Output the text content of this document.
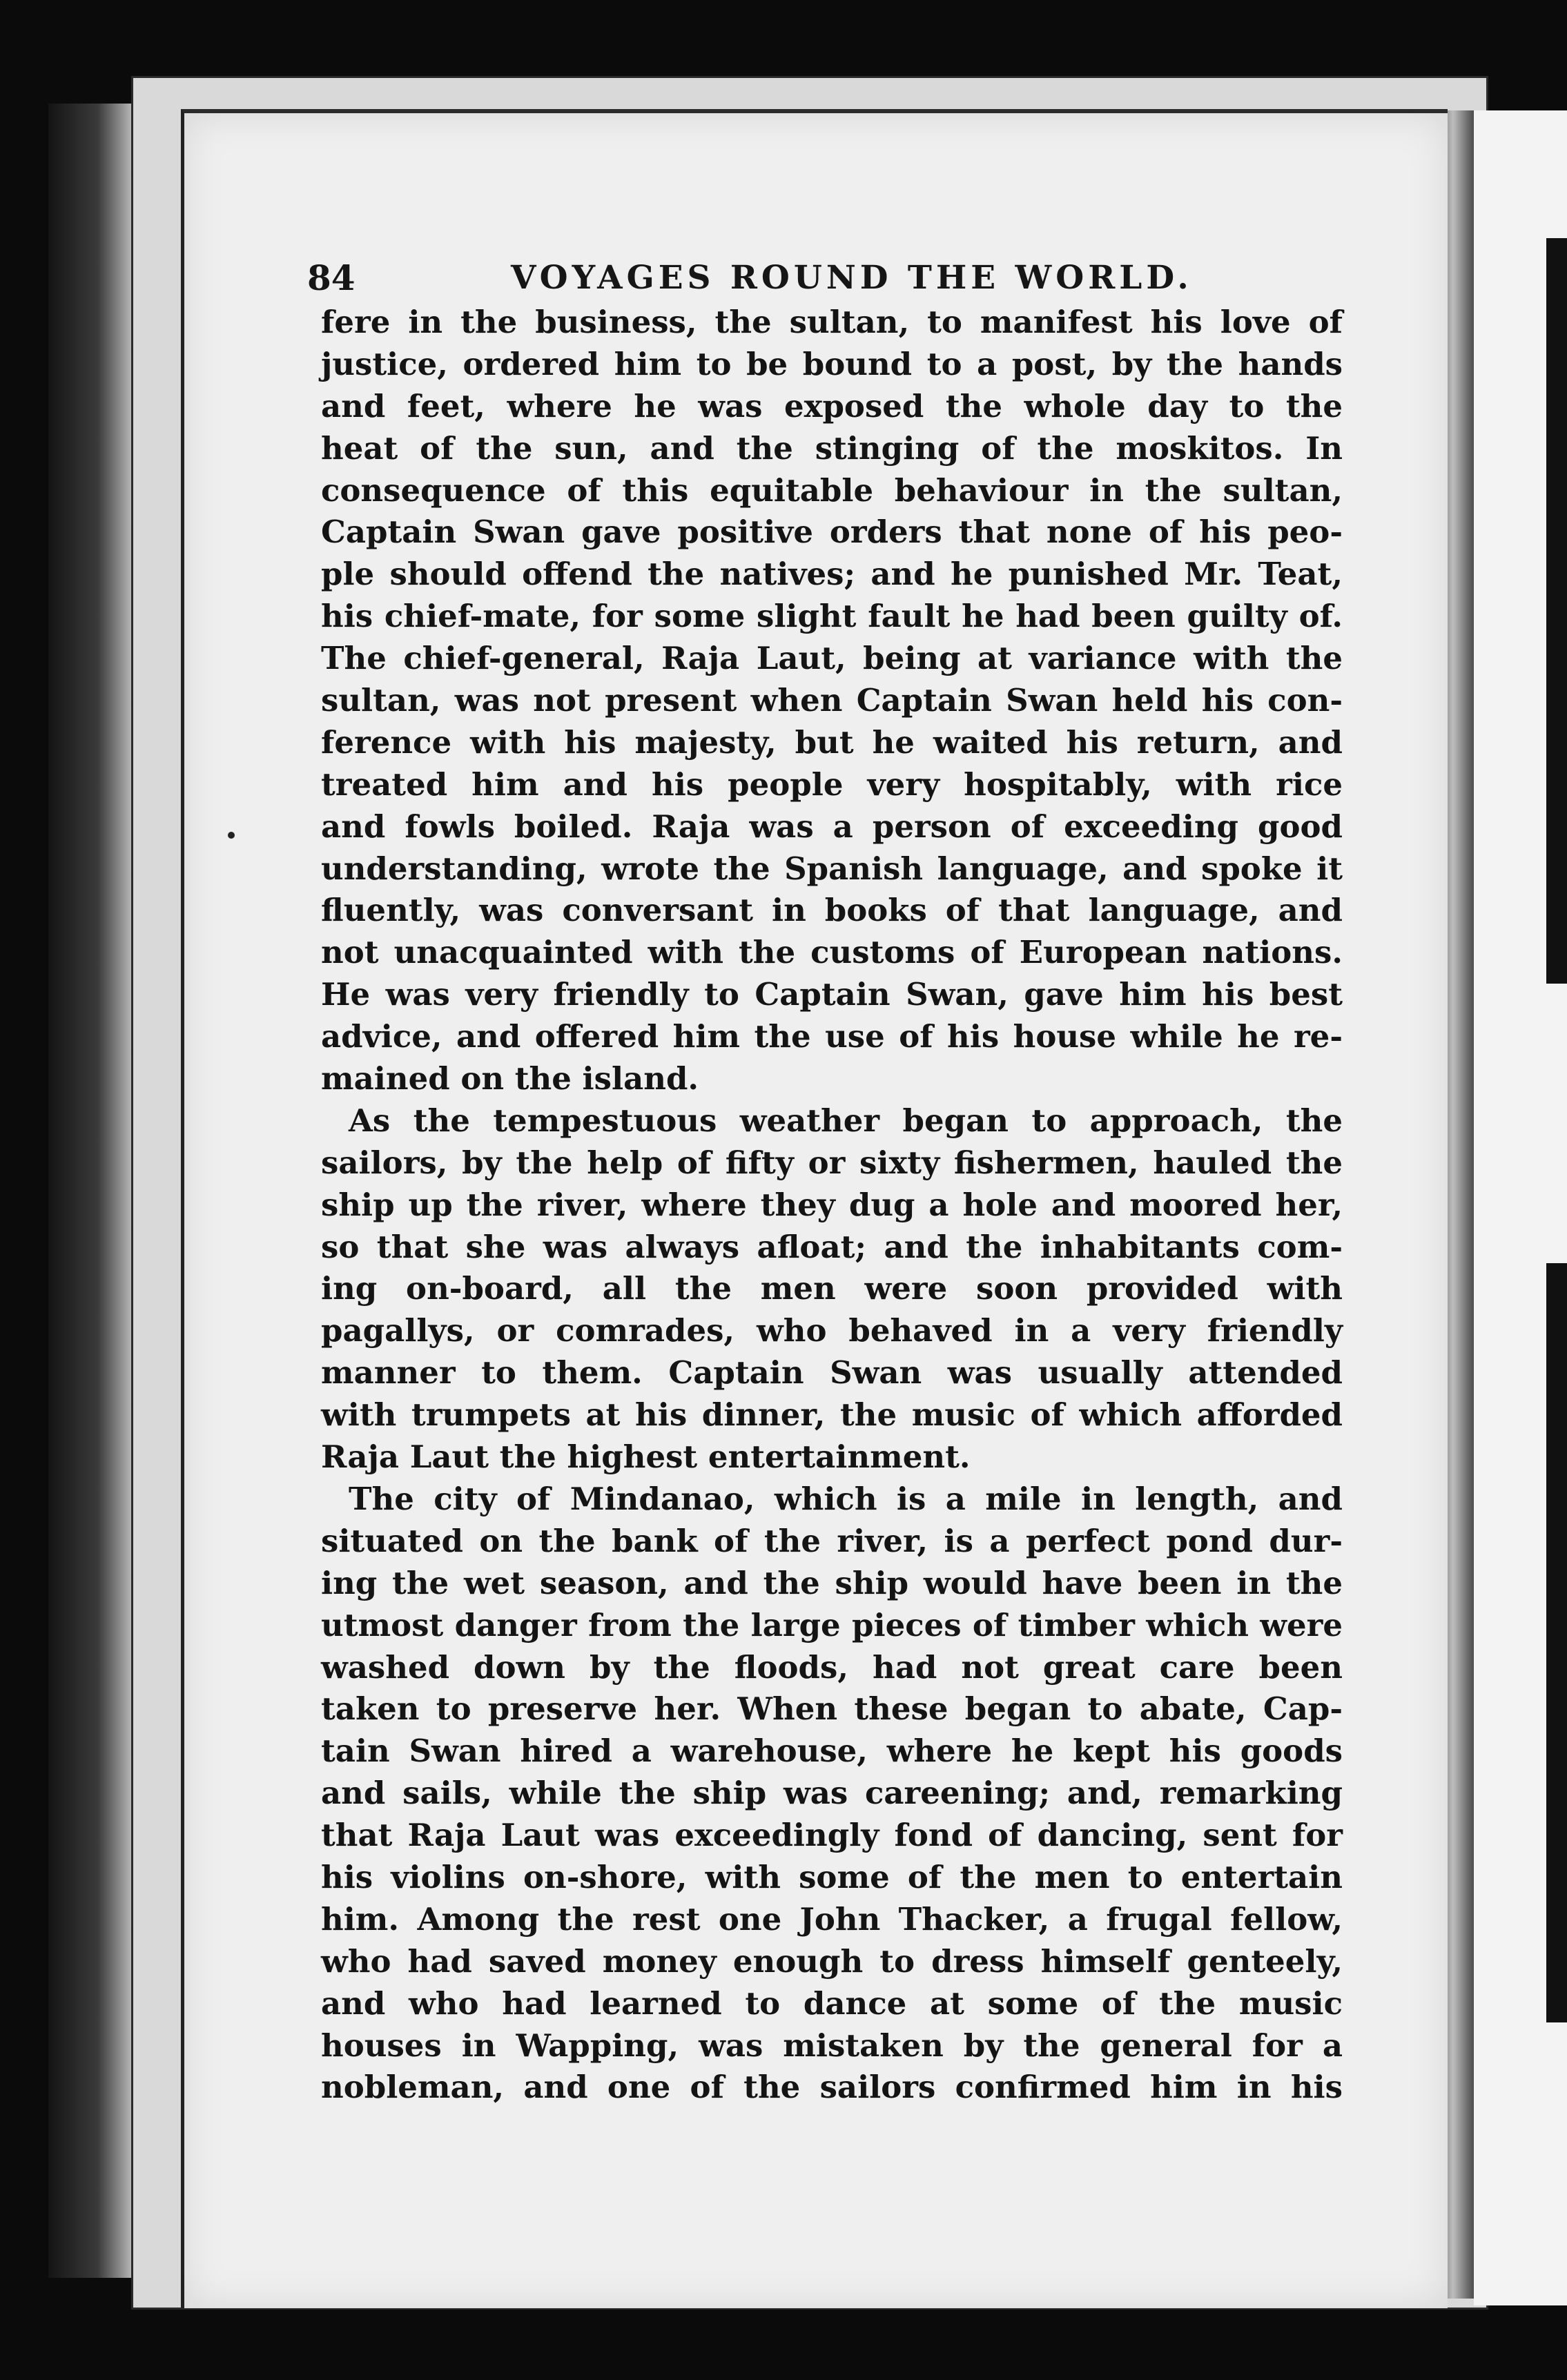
84	VOYAGES ROUND THE WORLD.
fere in the business, the sultan, to manifest his love of
justice, ordered him to be bound to a post, by the hands
and feet, where he was exposed the whole day to the
heat of the sun, and the stinging of the moskitos. In
consequence of this equitable behaviour in the sultan,
Captain Swan gave positive orders that none of his peo-
ple should offend the natives; and he punished Mr. Teat,
his chief-mate, for some slight fault he had been guilty of.
The chief-general, Raja Laut, being at variance with the
sultan, was not present when Captain Swan held his con-
ference with his majesty, but he waited his return, and
treated him and his people very hospitably, with rice
and fowls boiled. Raja was a person of exceeding good
understanding, wrote the Spanish language, and spoke it
fluently, was conversant in books of that language, and
not unacquainted with the customs of European nations.
He was very friendly to Captain Swan, gave him his best
advice, and offered him the use of his house while he re-
mained on the island.
As the tempestuous weather began to approach, the
sailors, by the help of fifty or sixty fishermen, hauled the
ship up the river, where they dug a hole and moored her,
so that she was always afloat; and the inhabitants com-
ing on-board, all the men were soon provided with
pagallys, or comrades, who behaved in a very friendly
manner to them. Captain Swan was usually attended
with trumpets at his dinner, the music of which afforded
Raja Laut the highest entertainment.
The city of Mindanao, which is a mile in length, and
situated on the bank of the river, is a perfect pond dur-
ing the wet season, and the ship would have been in the
utmost danger from the large pieces of timber which were
washed down by the floods, had not great care been
taken to preserve her. When these began to abate, Cap-
tain Swan hired a warehouse, where he kept his goods
and sails, while the ship was careening; and, remarking
that Raja Laut was exceedingly fond of dancing, sent for
his violins on-shore, with some of the men to entertain
him. Among the rest one John Thacker, a frugal fellow,
who had saved money enough to dress himself genteely,
and who had learned to dance at some of the music
houses in Wapping, was mistaken by the general for a
nobleman, and one of the sailors confirmed him in his
